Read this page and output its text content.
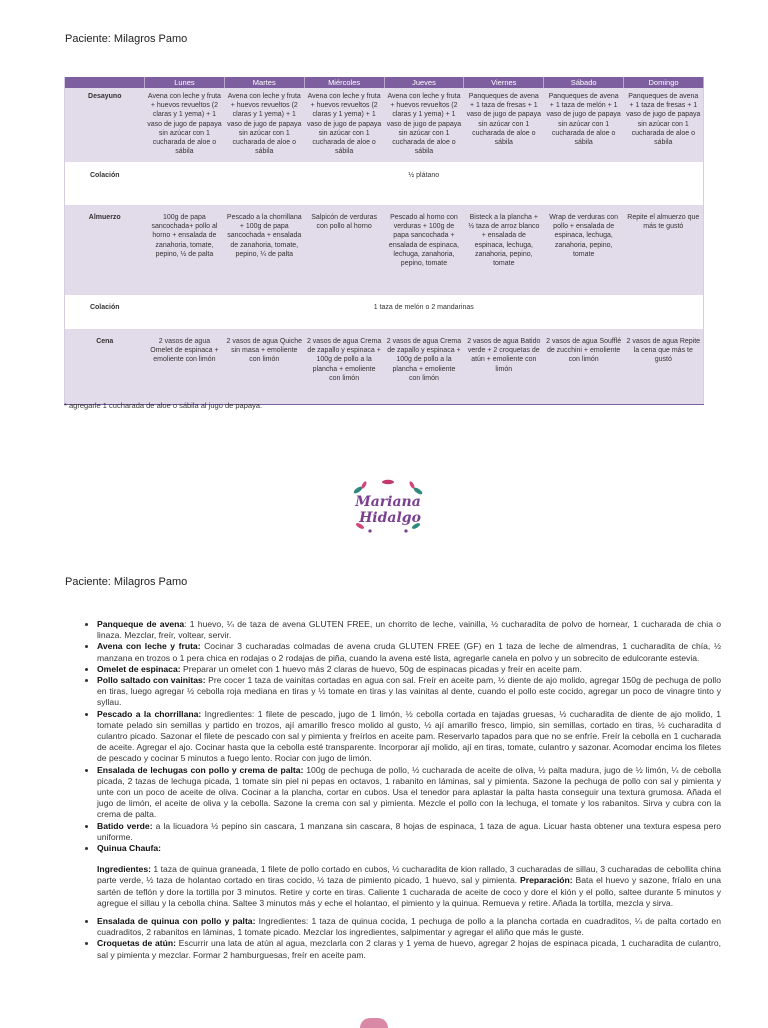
Paciente: Milagros Pamo
	Lunes	Martes	Miércoles	Jueves	Viernes	Sábado	Domingo
Desayuno	Avena con leche y fruta + huevos revueltos (2 claras y 1 yema) + 1 vaso de jugo de papaya sin azúcar con 1 cucharada de aloe o sábila	Avena con leche y fruta + huevos revueltos (2 claras y 1 yema) + 1 vaso de jugo de papaya sin azúcar con 1 cucharada de aloe o sábila	Avena con leche y fruta + huevos revueltos (2 claras y 1 yema) + 1 vaso de jugo de papaya sin azúcar con 1 cucharada de aloe o sábila	Avena con leche y fruta + huevos revueltos (2 claras y 1 yema) + 1 vaso de jugo de papaya sin azúcar con 1 cucharada de aloe o sábila	Panqueques de avena + 1 taza de fresas + 1 vaso de jugo de papaya sin azúcar con 1 cucharada de aloe o sábila	Panqueques de avena + 1 taza de melón + 1 vaso de jugo de papaya sin azúcar con 1 cucharada de aloe o sábila	Panqueques de avena + 1 taza de fresas + 1 vaso de jugo de papaya sin azúcar con 1 cucharada de aloe o sábila
Colación	½ plátano						
Almuerzo	100g de papa sancochada+ pollo al horno + ensalada de zanahoria, tomate, pepino, ½ de palta	Pescado a la chorrillana + 100g de papa sancochada + ensalada de zanahoria, tomate, pepino, ¼ de palta	Salpicón de verduras con pollo al horno	Pescado al horno con verduras + 100g de papa sancochada + ensalada de espinaca, lechuga, zanahoria, pepino, tomate	Bisteck a la plancha + ½ taza de arroz blanco + ensalada de espinaca, lechuga, zanahoria, pepino, tomate	Wrap de verduras con pollo + ensalada de espinaca, lechuga, zanahoria, pepino, tomate	Repite el almuerzo que más te gustó
Colación	1 taza de melón o 2 mandarinas						
Cena	2 vasos de agua Omelet de espinaca + emoliente con limón	2 vasos de agua Quiche sin masa + emoliente con limón	2 vasos de agua Crema de zapallo y espinaca + 100g de pollo a la plancha + emoliente con limón	2 vasos de agua Crema de zapallo y espinaca + 100g de pollo a la plancha + emoliente con limón	2 vasos de agua Batido verde + 2 croquetas de atún + emoliente con limón	2 vasos de agua Soufflé de zucchini + emoliente con limón	2 vasos de agua Repite la cena que más te gustó
* agregarle 1 cucharada de aloe o sábila al jugo de papaya.
Mariana
Hidalgo
Paciente: Milagros Pamo
• Panqueque de avena: 1 huevo, ¼ de taza de avena GLUTEN FREE, un chorrito de leche, vainilla, ½ cucharadita de polvo de hornear, 1 cucharada de chia o linaza. Mezclar, freír, voltear, servir.
• Avena con leche y fruta: Cocinar 3 cucharadas colmadas de avena cruda GLUTEN FREE (GF) en 1 taza de leche de almendras, 1 cucharadita de chía, ½ manzana en trozos o 1 pera chica en rodajas o 2 rodajas de piña, cuando la avena esté lista, agregarle canela en polvo y un sobrecito de edulcorante estevia.
• Omelet de espinaca: Preparar un omelet con 1 huevo más 2 claras de huevo, 50g de espinacas picadas y freír en aceite pam.
• Pollo saltado con vainitas: Pre cocer 1 taza de vainitas cortadas en agua con sal. Freír en aceite pam, ½ diente de ajo molido, agregar 150g de pechuga de pollo en tiras, luego agregar ½ cebolla roja mediana en tiras y ½ tomate en tiras y las vainitas al dente, cuando el pollo este cocido, agregar un poco de vinagre tinto y syllau.
• Pescado a la chorrillana: Ingredientes: 1 filete de pescado, jugo de 1 limón, ½ cebolla cortada en tajadas gruesas, ½ cucharadita de diente de ajo molido, 1 tomate pelado sin semillas y partido en trozos, ají amarillo fresco molido al gusto, ½ ají amarillo fresco, limpio, sin semillas, cortado en tiras, ½ cucharadita d culantro picado. Sazonar el filete de pescado con sal y pimienta y freírlos en aceite pam. Reservarlo tapados para que no se enfríe. Freír la cebolla en 1 cucharada de aceite. Agregar el ajo. Cocinar hasta que la cebolla esté transparente. Incorporar ají molido, ají en tiras, tomate, culantro y sazonar. Acomodar encima los filetes de pescado y cocinar 5 minutos a fuego lento. Rociar con jugo de limón.
• Ensalada de lechugas con pollo y crema de palta: 100g de pechuga de pollo, ½ cucharada de aceite de oliva, ½ palta madura, jugo de ½ limón, ¼ de cebolla picada, 2 tazas de lechuga picada, 1 tomate sin piel ni pepas en octavos, 1 rabanito en láminas, sal y pimienta. Sazone la pechuga de pollo con sal y pimienta y unte con un poco de aceite de oliva. Cocinar a la plancha, cortar en cubos. Usa el tenedor para aplastar la palta hasta conseguir una textura grumosa. Añada el jugo de limón, el aceite de oliva y la cebolla. Sazone la crema con sal y pimienta. Mezcle el pollo con la lechuga, el tomate y los rabanitos. Sirva y cubra con la crema de palta.
• Batido verde: a la licuadora ½ pepino sin cascara, 1 manzana sin cascara, 8 hojas de espinaca, 1 taza de agua. Licuar hasta obtener una textura espesa pero uniforme.
• Quinua Chaufa:
Ingredientes: 1 taza de quinua graneada, 1 filete de pollo cortado en cubos, ½ cucharadita de kion rallado, 3 cucharadas de sillau, 3 cucharadas de cebollita china parte verde, ½ taza de holantao cortado en tiras cocido, ½ taza de pimiento picado, 1 huevo, sal y pimienta. Preparación: Bata el huevo y sazone, fríalo en una sartén de teflón y dore la tortilla por 3 minutos. Retire y corte en tiras. Caliente 1 cucharada de aceite de coco y dore el kión y el pollo, saltee durante 5 minutos y agregue el sillau y la cebolla china. Saltee 3 minutos más y eche el holantao, el pimiento y la quinua. Remueva y retire. Añada la tortilla, mezcla y sirva.
• Ensalada de quinua con pollo y palta: Ingredientes: 1 taza de quinua cocida, 1 pechuga de pollo a la plancha cortada en cuadraditos, ¼ de palta cortado en cuadraditos, 2 rabanitos en láminas, 1 tomate picado. Mezclar los ingredientes, salpimentar y agregar el aliño que más le guste.
• Croquetas de atún: Escurrir una lata de atún al agua, mezclarla con 2 claras y 1 yema de huevo, agregar 2 hojas de espinaca picada, 1 cucharadita de culantro, sal y pimienta y mezclar. Formar 2 hamburguesas, freír en aceite pam.
